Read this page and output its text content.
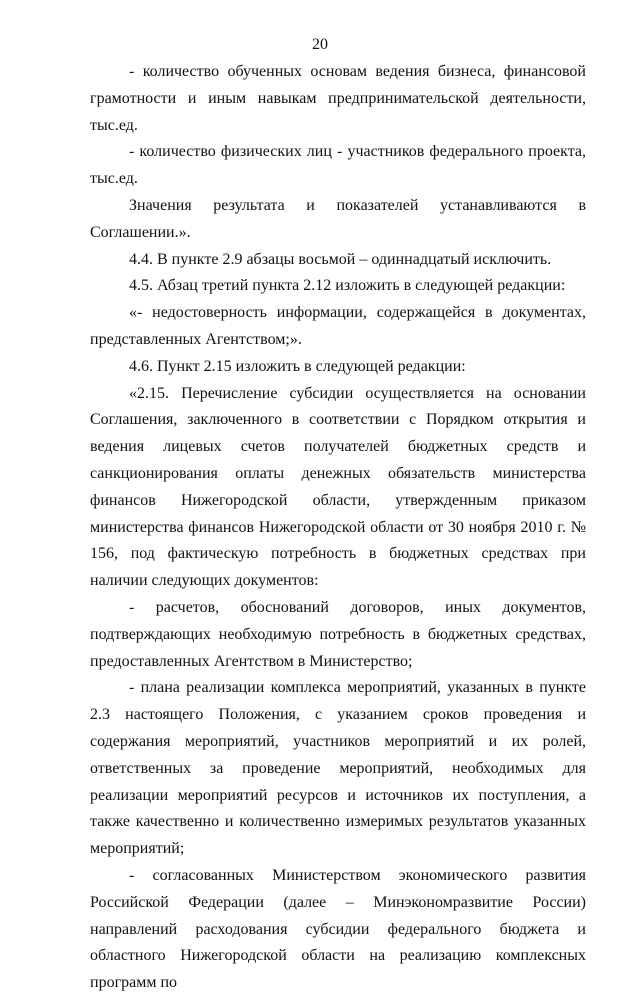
20

- количество обученных основам ведения бизнеса, финансовой грамотности и иным навыкам предпринимательской деятельности, тыс.ед.

- количество физических лиц - участников федерального проекта, тыс.ед.

Значения результата и показателей устанавливаются в Соглашении.».

4.4. В пункте 2.9 абзацы восьмой – одиннадцатый исключить.

4.5. Абзац третий пункта 2.12 изложить в следующей редакции:

«- недостоверность информации, содержащейся в документах, представленных Агентством;».

4.6. Пункт 2.15 изложить в следующей редакции:

«2.15. Перечисление субсидии осуществляется на основании Соглашения, заключенного в соответствии с Порядком открытия и ведения лицевых счетов получателей бюджетных средств и санкционирования оплаты денежных обязательств министерства финансов Нижегородской области, утвержденным приказом министерства финансов Нижегородской области от 30 ноября 2010 г. № 156, под фактическую потребность в бюджетных средствах при наличии следующих документов:

- расчетов, обоснований договоров, иных документов, подтверждающих необходимую потребность в бюджетных средствах, предоставленных Агентством в Министерство;

- плана реализации комплекса мероприятий, указанных в пункте 2.3 настоящего Положения, с указанием сроков проведения и содержания мероприятий, участников мероприятий и их ролей, ответственных за проведение мероприятий, необходимых для реализации мероприятий ресурсов и источников их поступления, а также качественно и количественно измеримых результатов указанных мероприятий;

- согласованных Министерством экономического развития Российской Федерации (далее – Минэкономразвитие России) направлений расходования субсидии федерального бюджета и областного Нижегородской области на реализацию комплексных программ по
